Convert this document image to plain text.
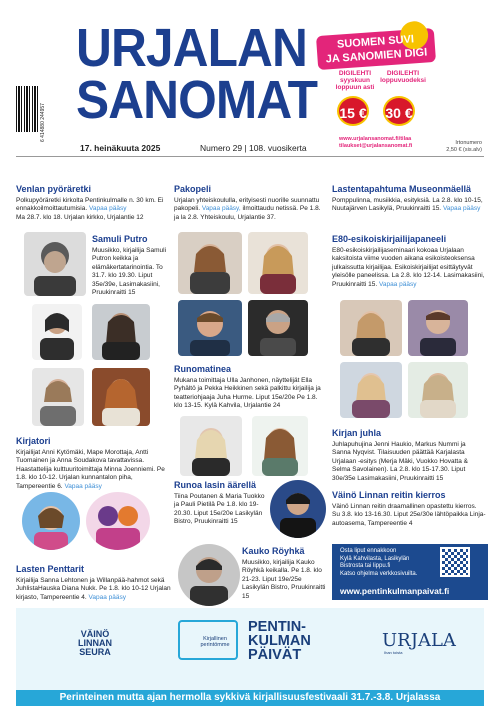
6 414880 244957
URJALAN
SANOMAT
17. heinäkuuta 2025	Numero 29 | 108. vuosikerta
SUOMEN SUVI
JA SANOMIEN DIGI
DIGILEHTI
syyskuun
loppuun asti
DIGILEHTI
loppuvuodeksi
15 € 30 €
www.urjalansanomat.fi/tilaa
tilaukset@urjalansanomat.fi	Irtonumero
2,50 € (sis.alv)
Venlan pyöräretki
Polkupyöräretki kirkolta Pentinkulmalle n. 30 km. Ei ennakkoilmoittautumisia. Vapaa pääsy
Ma 28.7. klo 18. Urjalan kirkko, Urjalantie 12
Samuli Putro
Muusikko, kirjailija Samuli Putron keikka ja elämäkertatarinointia. To 31.7. klo 19.30. Liput 35e/39e, Lasimakasiini, Pruukinraitti 15
Kirjatori
Kirjailijat Anni Kytömäki, Mape Morottaja, Antti Tuomainen ja Anna Soudakova tavattavissa. Haastattelija kulttuuritoimittaja Minna Joenniemi. Pe 1.8. klo 10-12. Urjalan kunnantalon piha, Tampereentie 6. Vapaa pääsy
Lasten Penttarit
Kirjailija Sanna Lehtonen ja Willanpää-hahmot sekä JuhlistaHauska Diana Nukk. Pe 1.8. klo 10-12 Urjalan kirjasto, Tampereentie 4. Vapaa pääsy
Pakopeli
Urjalan yhteiskoululla, erityisesti nuorille suunnattu pakopeli. Vapaa pääsy, ilmoittaudu netissä. Pe 1.8. ja la 2.8. Yhteiskoulu, Urjalantie 37.
Runomatinea
Mukana toimittaja Ulla Janhonen, näyttelijät Ella Pyhältö ja Pekka Heikkinen sekä palkittu kirjailija ja teatteriohjaaja Juha Hurme. Liput 15e/20e Pe 1.8. klo 13-15. Kylä Kahvila, Urjalantie 24
Runoa lasin äärellä
Tiina Poutanen & Maria Tuokko ja Pauli Pietilä Pe 1.8. klo 19-20.30. Liput 15e/20e Lasikylän Bistro, Pruukinraitti 15
Kauko Röyhkä
Muusikko, kirjailija Kauko Röyhkä keikalla. Pe 1.8. klo 21-23. Liput 19e/25e Lasikylän Bistro, Pruukinraitti 15
Lastentapahtuma Museonmäellä
Pomppulinna, musiikkia, esityksiä. La 2.8. klo 10-15, Nuutajärven Lasikylä, Pruukinraitti 15. Vapaa pääsy
E80-esikoiskirjailijapaneeli
E80-esikoiskirjailijaseminaari kokoaa Urjalaan kaksitoista viime vuoden aikana esikoisteoksensa julkaissutta kirjailijaa. Esikoiskirjailijat esittäytyvät yleisölle paneelissa. La 2.8. klo 12-14. Lasimakasiini, Pruukinraitti 15. Vapaa pääsy
Kirjan juhla
Juhlapuhujina Jenni Haukio, Markus Nummi ja Sanna Nyqvist. Tilaisuuden päättää Karjalasta Urjalaan -esitys (Merja Mäki, Vuokko Hovatta & Selma Savolainen). La 2.8. klo 15-17.30. Liput 30e/35e Lasimakasiini, Pruukinraitti 15
Väinö Linnan reitin kierros
Väinö Linnan reitin draamallinen opastettu kierros. Su 3.8. klo 13-16.30. Liput 25e/30e lähtöpaikka Linja-autoasema, Tampereentie 4
Osta liput ennakkoon
Kylä Kahvilasta, Lasikylän
Bistrosta tai lippu.fi
Katso ohjelma verkkosivuilta.
www.pentinkulmanpaivat.fi
VÄINÖ
LINNAN
SEURA
Kirjallinen
perintömme
PENTIN-
KULMAN
PÄIVÄT
URJALA
Ihan toista
Perinteinen mutta ajan hermolla sykkivä kirjallisuusfestivaali 31.7.-3.8. Urjalassa
